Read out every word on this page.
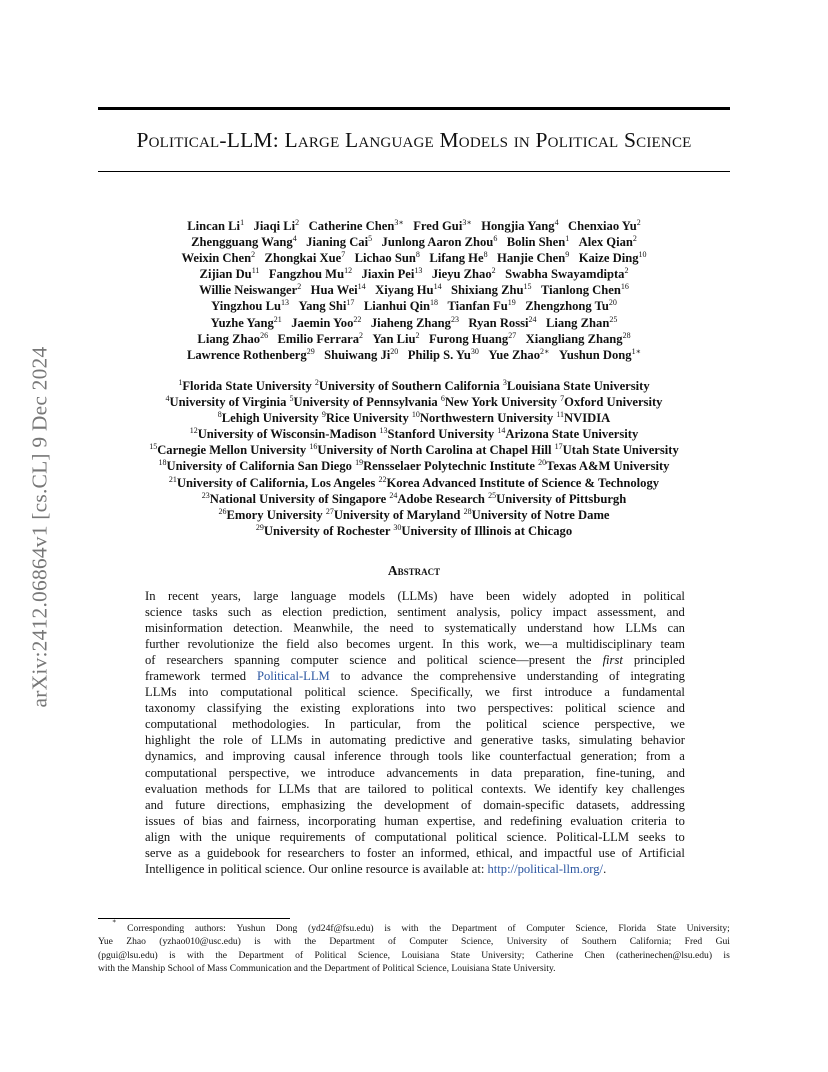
arXiv:2412.06864v1 [cs.CL] 9 Dec 2024
Political-LLM: Large Language Models in Political Science
Lincan Li$^1$ Jiaqi Li$^2$ Catherine Chen$^{3∗}$ Fred Gui$^{3∗}$ Hongjia Yang$^4$ Chenxiao Yu$^2$
Zhengguang Wang$^4$ Jianing Cai$^5$ Junlong Aaron Zhou$^6$ Bolin Shen$^1$ Alex Qian$^2$
Weixin Chen$^2$ Zhongkai Xue$^7$ Lichao Sun$^8$ Lifang He$^8$ Hanjie Chen$^9$ Kaize Ding$^{10}$
Zijian Du$^{11}$ Fangzhou Mu$^{12}$ Jiaxin Pei$^{13}$ Jieyu Zhao$^2$ Swabha Swayamdipta$^2$
Willie Neiswanger$^2$ Hua Wei$^{14}$ Xiyang Hu$^{14}$ Shixiang Zhu$^{15}$ Tianlong Chen$^{16}$
Yingzhou Lu$^{13}$ Yang Shi$^{17}$ Lianhui Qin$^{18}$ Tianfan Fu$^{19}$ Zhengzhong Tu$^{20}$
Yuzhe Yang$^{21}$ Jaemin Yoo$^{22}$ Jiaheng Zhang$^{23}$ Ryan Rossi$^{24}$ Liang Zhan$^{25}$
Liang Zhao$^{26}$ Emilio Ferrara$^2$ Yan Liu$^2$ Furong Huang$^{27}$ Xiangliang Zhang$^{28}$
Lawrence Rothenberg$^{29}$ Shuiwang Ji$^{20}$ Philip S. Yu$^{30}$ Yue Zhao$^{2∗}$ Yushun Dong$^{1∗}$
$^1$Florida State University $^2$University of Southern California $^3$Louisiana State University
$^4$University of Virginia $^5$University of Pennsylvania $^6$New York University $^7$Oxford University
$^8$Lehigh University $^9$Rice University $^{10}$Northwestern University $^{11}$NVIDIA
$^{12}$University of Wisconsin-Madison $^{13}$Stanford University $^{14}$Arizona State University
$^{15}$Carnegie Mellon University $^{16}$University of North Carolina at Chapel Hill $^{17}$Utah State University
$^{18}$University of California San Diego $^{19}$Rensselaer Polytechnic Institute $^{20}$Texas A&M University
$^{21}$University of California, Los Angeles $^{22}$Korea Advanced Institute of Science & Technology
$^{23}$National University of Singapore $^{24}$Adobe Research $^{25}$University of Pittsburgh
$^{26}$Emory University $^{27}$University of Maryland $^{28}$University of Notre Dame
$^{29}$University of Rochester $^{30}$University of Illinois at Chicago
Abstract
In recent years, large language models (LLMs) have been widely adopted in political
science tasks such as election prediction, sentiment analysis, policy impact assessment, and
misinformation detection. Meanwhile, the need to systematically understand how LLMs can
further revolutionize the field also becomes urgent. In this work, we—a multidisciplinary team
of researchers spanning computer science and political science—present the first principled
framework termed Political-LLM to advance the comprehensive understanding of integrating
LLMs into computational political science. Specifically, we first introduce a fundamental
taxonomy classifying the existing explorations into two perspectives: political science and
computational methodologies. In particular, from the political science perspective, we
highlight the role of LLMs in automating predictive and generative tasks, simulating behavior
dynamics, and improving causal inference through tools like counterfactual generation; from a
computational perspective, we introduce advancements in data preparation, fine-tuning, and
evaluation methods for LLMs that are tailored to political contexts. We identify key challenges
and future directions, emphasizing the development of domain-specific datasets, addressing
issues of bias and fairness, incorporating human expertise, and redefining evaluation criteria to
align with the unique requirements of computational political science. Political-LLM seeks to
serve as a guidebook for researchers to foster an informed, ethical, and impactful use of Artificial
Intelligence in political science. Our online resource is available at: http://political-llm.org/.
∗
Corresponding authors: Yushun Dong (yd24f@fsu.edu) is with the Department of Computer Science, Florida State University;
Yue Zhao (yzhao010@usc.edu) is with the Department of Computer Science, University of Southern California; Fred Gui
(pgui@lsu.edu) is with the Department of Political Science, Louisiana State University; Catherine Chen (catherinechen@lsu.edu) is
with the Manship School of Mass Communication and the Department of Political Science, Louisiana State University.
